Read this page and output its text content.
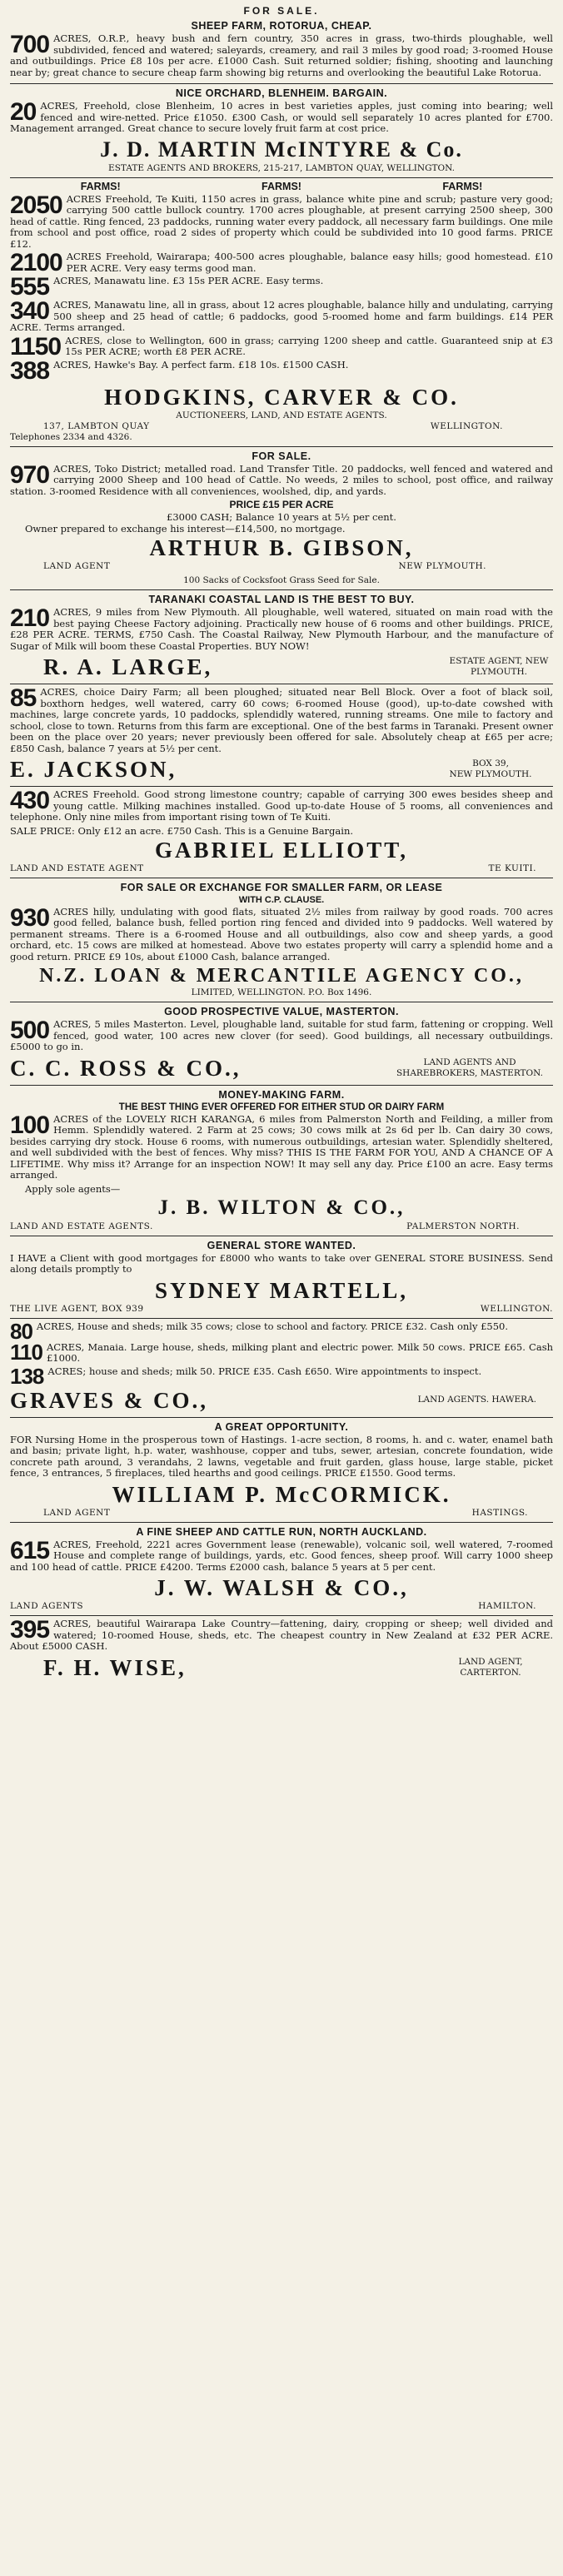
FOR SALE.
SHEEP FARM, ROTORUA, CHEAP.
700 ACRES, O.R.P., heavy bush and fern country, 350 acres in grass, two-thirds ploughable, well subdivided, fenced and watered; saleyards, creamery, and rail 3 miles by good road; 3-roomed House and outbuildings. Price £8 10s per acre. £1000 Cash. Suit returned soldier; fishing, shooting and launching near by; great chance to secure cheap farm showing big returns and overlooking the beautiful Lake Rotorua.
NICE ORCHARD, BLENHEIM. BARGAIN.
20 ACRES, Freehold, close Blenheim, 10 acres in best varieties apples, just coming into bearing; well fenced and wire-netted. Price £1050. £300 Cash, or would sell separately 10 acres planted for £700. Management arranged. Great chance to secure lovely fruit farm at cost price.
J. D. MARTIN McINTYRE & Co.
ESTATE AGENTS AND BROKERS, 215-217, LAMBTON QUAY, WELLINGTON.
FARMS!	FARMS!	FARMS!
2050 ACRES Freehold, Te Kuiti, 1150 acres in grass, balance white pine and scrub; pasture very good; carrying 500 cattle bullock country. 1700 acres ploughable, at present carrying 2500 sheep, 300 head of cattle. Ring fenced, 23 paddocks, running water every paddock, all necessary farm buildings. One mile from school and post office, road 2 sides of property which could be subdivided into 10 good farms. PRICE £12.
2100 ACRES Freehold, Wairarapa; 400-500 acres ploughable, balance easy hills; good homestead. £10 PER ACRE. Very easy terms good man.
555 ACRES, Manawatu line. £3 15s PER ACRE. Easy terms.
340 ACRES, Manawatu line, all in grass, about 12 acres ploughable, balance hilly and undulating, carrying 500 sheep and 25 head of cattle; 6 paddocks, good 5-roomed home and farm buildings. £14 PER ACRE. Terms arranged.
1150 ACRES, close to Wellington, 600 in grass; carrying 1200 sheep and cattle. Guaranteed snip at £3 15s PER ACRE; worth £8 PER ACRE.
388 ACRES, Hawke's Bay. A perfect farm. £18 10s. £1500 CASH.
HODGKINS, CARVER & CO.
AUCTIONEERS, LAND, AND ESTATE AGENTS.
137, LAMBTON QUAY	WELLINGTON.
Telephones 2334 and 4326.
FOR SALE.
970 ACRES, Toko District; metalled road. Land Transfer Title. 20 paddocks, well fenced and watered and carrying 2000 Sheep and 100 head of Cattle. No weeds, 2 miles to school, post office, and railway station. 3-roomed Residence with all conveniences, woolshed, dip, and yards.
PRICE £15 PER ACRE
£3000 CASH; Balance 10 years at 5½ per cent.
Owner prepared to exchange his interest—£14,500, no mortgage.
ARTHUR B. GIBSON,
LAND AGENT	NEW PLYMOUTH.
100 Sacks of Cocksfoot Grass Seed for Sale.
TARANAKI COASTAL LAND IS THE BEST TO BUY.
210 ACRES, 9 miles from New Plymouth. All ploughable, well watered, situated on main road with the best paying Cheese Factory adjoining. Practically new house of 6 rooms and other buildings. PRICE, £28 PER ACRE. TERMS, £750 Cash. The Coastal Railway, New Plymouth Harbour, and the manufacture of Sugar of Milk will boom these Coastal Properties. BUY NOW!
R. A. LARGE,	ESTATE AGENT, NEW PLYMOUTH.
85 ACRES, choice Dairy Farm; all been ploughed; situated near Bell Block. Over a foot of black soil, boxthorn hedges, well watered, carry 60 cows; 6-roomed House (good), up-to-date cowshed with machines, large concrete yards, 10 paddocks, splendidly watered, running streams. One mile to factory and school, close to town. Returns from this farm are exceptional. One of the best farms in Taranaki. Present owner been on the place over 20 years; never previously been offered for sale. Absolutely cheap at £65 per acre; £850 Cash, balance 7 years at 5½ per cent.
E. JACKSON,	BOX 39,
NEW PLYMOUTH.
430 ACRES Freehold. Good strong limestone country; capable of carrying 300 ewes besides sheep and young cattle. Milking machines installed. Good up-to-date House of 5 rooms, all conveniences and telephone. Only nine miles from important rising town of Te Kuiti.
SALE PRICE: Only £12 an acre. £750 Cash. This is a Genuine Bargain.
GABRIEL ELLIOTT,
LAND AND ESTATE AGENT	TE KUITI.
FOR SALE OR EXCHANGE FOR SMALLER FARM, OR LEASE
WITH C.P. CLAUSE.
930 ACRES hilly, undulating with good flats, situated 2½ miles from railway by good roads. 700 acres good felled, balance bush, felled portion ring fenced and divided into 9 paddocks. Well watered by permanent streams. There is a 6-roomed House and all outbuildings, also cow and sheep yards, a good orchard, etc. 15 cows are milked at homestead. Above two estates property will carry a splendid home and a good return. PRICE £9 10s, about £1000 Cash, balance arranged.
N.Z. LOAN & MERCANTILE AGENCY CO.,
LIMITED, WELLINGTON. P.O. Box 1496.
GOOD PROSPECTIVE VALUE, MASTERTON.
500 ACRES, 5 miles Masterton. Level, ploughable land, suitable for stud farm, fattening or cropping. Well fenced, good water, 100 acres new clover (for seed). Good buildings, all necessary outbuildings. £5000 to go in.
C. C. ROSS & CO.,	LAND AGENTS AND
SHAREBROKERS, MASTERTON.
MONEY-MAKING FARM.
THE BEST THING EVER OFFERED FOR EITHER STUD OR DAIRY FARM
100 ACRES of the LOVELY RICH KARANGA, 6 miles from Palmerston North and Feilding, a miller from Hemm. Splendidly watered. 2 Farm at 25 cows; 30 cows milk at 2s 6d per lb. Can dairy 30 cows, besides carrying dry stock. House 6 rooms, with numerous outbuildings, artesian water. Splendidly sheltered, and well subdivided with the best of fences. Why miss? THIS IS THE FARM FOR YOU, AND A CHANCE OF A LIFETIME. Why miss it? Arrange for an inspection NOW! It may sell any day. Price £100 an acre. Easy terms arranged.
Apply sole agents—
J. B. WILTON & CO.,
LAND AND ESTATE AGENTS.	PALMERSTON NORTH.
GENERAL STORE WANTED.
I HAVE a Client with good mortgages for £8000 who wants to take over GENERAL STORE BUSINESS. Send along details promptly to
SYDNEY MARTELL,
THE LIVE AGENT, BOX 939	WELLINGTON.
80 ACRES, House and sheds; milk 35 cows; close to school and factory. PRICE £32. Cash only £550.
110 ACRES, Manaia. Large house, sheds, milking plant and electric power. Milk 50 cows. PRICE £65. Cash £1000.
138 ACRES; house and sheds; milk 50. PRICE £35. Cash £650. Wire appointments to inspect.
GRAVES & CO.,	LAND AGENTS. HAWERA.
A GREAT OPPORTUNITY.
FOR Nursing Home in the prosperous town of Hastings. 1-acre section, 8 rooms, h. and c. water, enamel bath and basin; private light, h.p. water, washhouse, copper and tubs, sewer, artesian, concrete foundation, wide concrete path around, 3 verandahs, 2 lawns, vegetable and fruit garden, glass house, large stable, picket fence, 3 entrances, 5 fireplaces, tiled hearths and good ceilings. PRICE £1550. Good terms.
WILLIAM P. McCORMICK.
LAND AGENT	HASTINGS.
A FINE SHEEP AND CATTLE RUN, NORTH AUCKLAND.
615 ACRES, Freehold, 2221 acres Government lease (renewable), volcanic soil, well watered, 7-roomed House and complete range of buildings, yards, etc. Good fences, sheep proof. Will carry 1000 sheep and 100 head of cattle. PRICE £4200. Terms £2000 cash, balance 5 years at 5 per cent.
J. W. WALSH & CO.,
LAND AGENTS	HAMILTON.
395 ACRES, beautiful Wairarapa Lake Country—fattening, dairy, cropping or sheep; well divided and watered; 10-roomed House, sheds, etc. The cheapest country in New Zealand at £32 PER ACRE. About £5000 CASH.
F. H. WISE,	LAND AGENT, CARTERTON.
